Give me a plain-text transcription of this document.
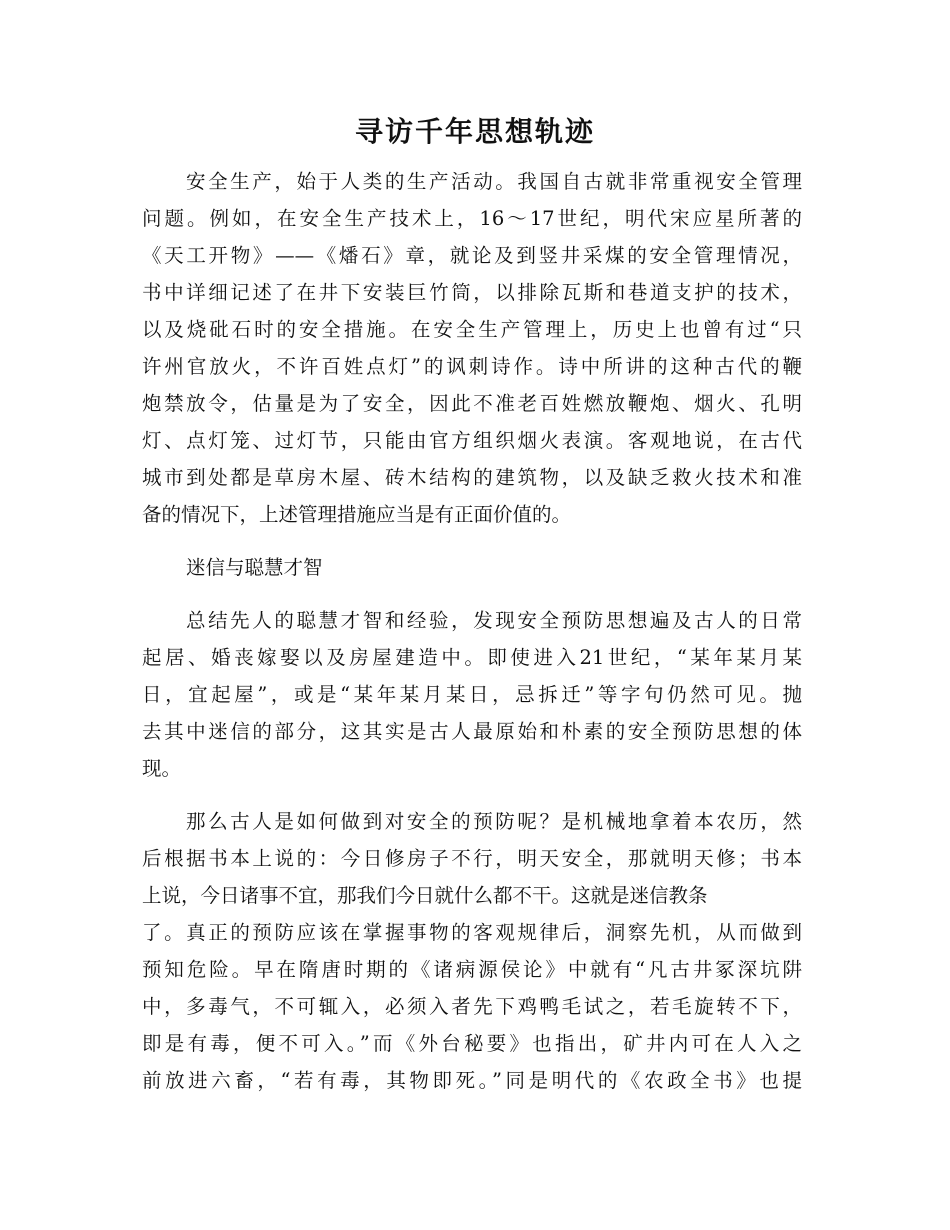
寻访千年思想轨迹
安全生产，始于人类的生产活动。我国自古就非常重视安全管理
问题。例如，在安全生产技术上，16～17世纪，明代宋应星所著的
《天工开物》——《燔石》章，就论及到竖井采煤的安全管理情况，
书中详细记述了在井下安装巨竹筒，以排除瓦斯和巷道支护的技术，
以及烧砒石时的安全措施。在安全生产管理上，历史上也曾有过“只
许州官放火，不许百姓点灯”的讽刺诗作。诗中所讲的这种古代的鞭
炮禁放令，估量是为了安全，因此不准老百姓燃放鞭炮、烟火、孔明
灯、点灯笼、过灯节，只能由官方组织烟火表演。客观地说，在古代
城市到处都是草房木屋、砖木结构的建筑物，以及缺乏救火技术和准
备的情况下，上述管理措施应当是有正面价值的。
迷信与聪慧才智
总结先人的聪慧才智和经验，发现安全预防思想遍及古人的日常
起居、婚丧嫁娶以及房屋建造中。即使进入21世纪，“某年某月某
日，宜起屋”，或是“某年某月某日，忌拆迁”等字句仍然可见。抛
去其中迷信的部分，这其实是古人最原始和朴素的安全预防思想的体
现。
那么古人是如何做到对安全的预防呢？是机械地拿着本农历，然
后根据书本上说的：今日修房子不行，明天安全，那就明天修；书本
上说，今日诸事不宜，那我们今日就什么都不干。这就是迷信教条
了。真正的预防应该在掌握事物的客观规律后，洞察先机，从而做到
预知危险。早在隋唐时期的《诸病源侯论》中就有“凡古井冢深坑阱
中，多毒气，不可辄入，必须入者先下鸡鸭毛试之，若毛旋转不下，
即是有毒，便不可入。”而《外台秘要》也指出，矿井内可在人入之
前放进六畜，“若有毒，其物即死。”同是明代的《农政全书》也提
